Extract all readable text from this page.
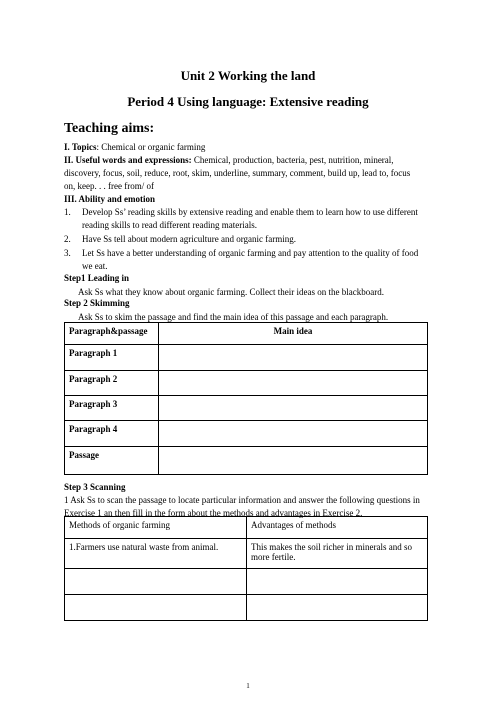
Unit 2 Working the land
Period 4 Using language: Extensive reading
Teaching aims:
I. Topics: Chemical or organic farming
II. Useful words and expressions: Chemical, production, bacteria, pest, nutrition, mineral,
discovery, focus, soil, reduce, root, skim, underline, summary, comment, build up, lead to, focus
on, keep. . . free from/ of
III. Ability and emotion
1. Develop Ss’ reading skills by extensive reading and enable them to learn how to use different
reading skills to read different reading materials.
2. Have Ss tell about modern agriculture and organic farming.
3. Let Ss have a better understanding of organic farming and pay attention to the quality of food
we eat.
Step1 Leading in
Ask Ss what they know about organic farming. Collect their ideas on the blackboard.
Step 2 Skimming
Ask Ss to skim the passage and find the main idea of this passage and each paragraph.
Paragraph&passage	Main idea
Paragraph 1	
Paragraph 2	
Paragraph 3	
Paragraph 4	
Passage	
Step 3 Scanning
1 Ask Ss to scan the passage to locate particular information and answer the following questions in
Exercise 1 an then fill in the form about the methods and advantages in Exercise 2.
Methods of organic farming	Advantages of methods
1.Farmers use natural waste from animal.	This makes the soil richer in minerals and so
more fertile.

1
